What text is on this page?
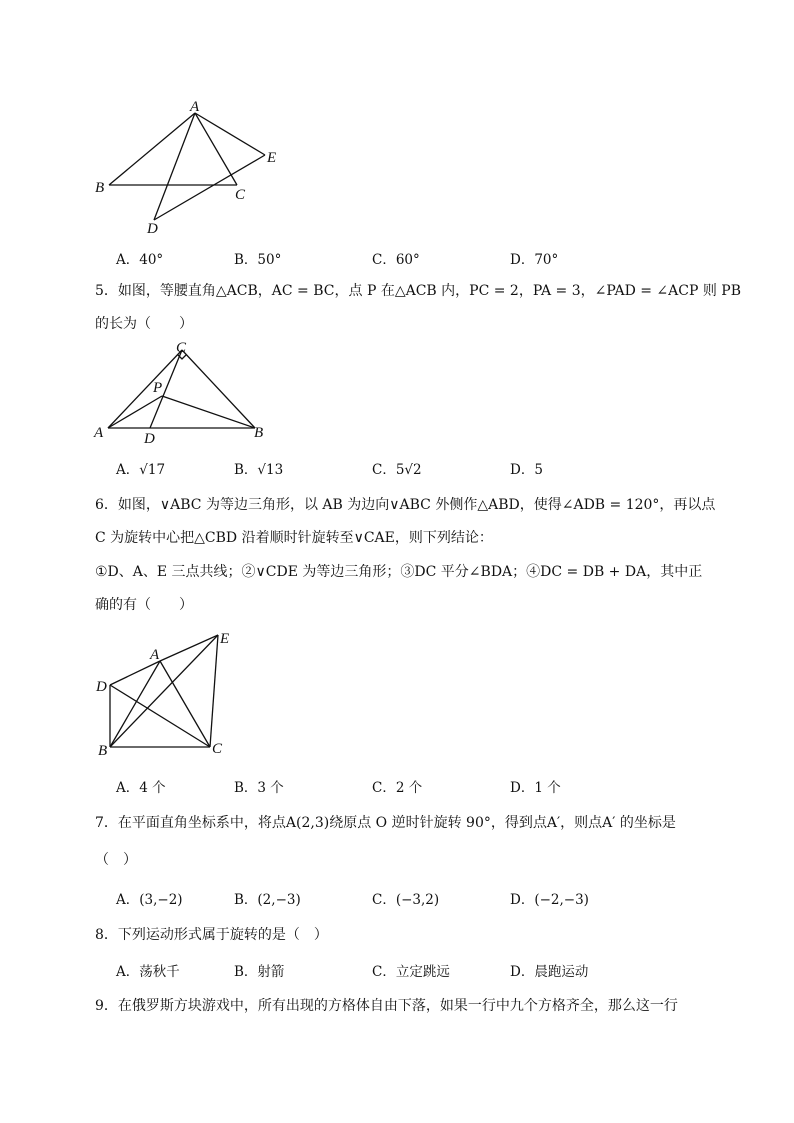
A
B	C
D
E
A．40°	B．50°	C．60°	D．70°
5．如图，等腰直角△ACB，AC = BC，点 P 在△ACB 内，PC = 2，PA = 3，∠PAD = ∠ACP 则 PB
的长为（　　）
C
P
A	D	B
A．√17	B．√13	C．5√2	D．5
6．如图，∨ABC 为等边三角形，以 AB 为边向∨ABC 外侧作△ABD，使得∠ADB = 120°，再以点
C 为旋转中心把△CBD 沿着顺时针旋转至∨CAE，则下列结论：
①D、A、E 三点共线；②∨CDE 为等边三角形；③DC 平分∠BDA；④DC = DB + DA，其中正
确的有（　　）
E
A
D
B	C
A．4 个	B．3 个	C．2 个	D．1 个
7．在平面直角坐标系中，将点A(2,3)绕原点 O 逆时针旋转 90°，得到点A′，则点A′ 的坐标是
（　）
A．(3,−2)	B．(2,−3)	C．(−3,2)	D．(−2,−3)
8．下列运动形式属于旋转的是（　）
A．荡秋千	B．射箭	C．立定跳远	D．晨跑运动
9．在俄罗斯方块游戏中，所有出现的方格体自由下落，如果一行中九个方格齐全，那么这一行
